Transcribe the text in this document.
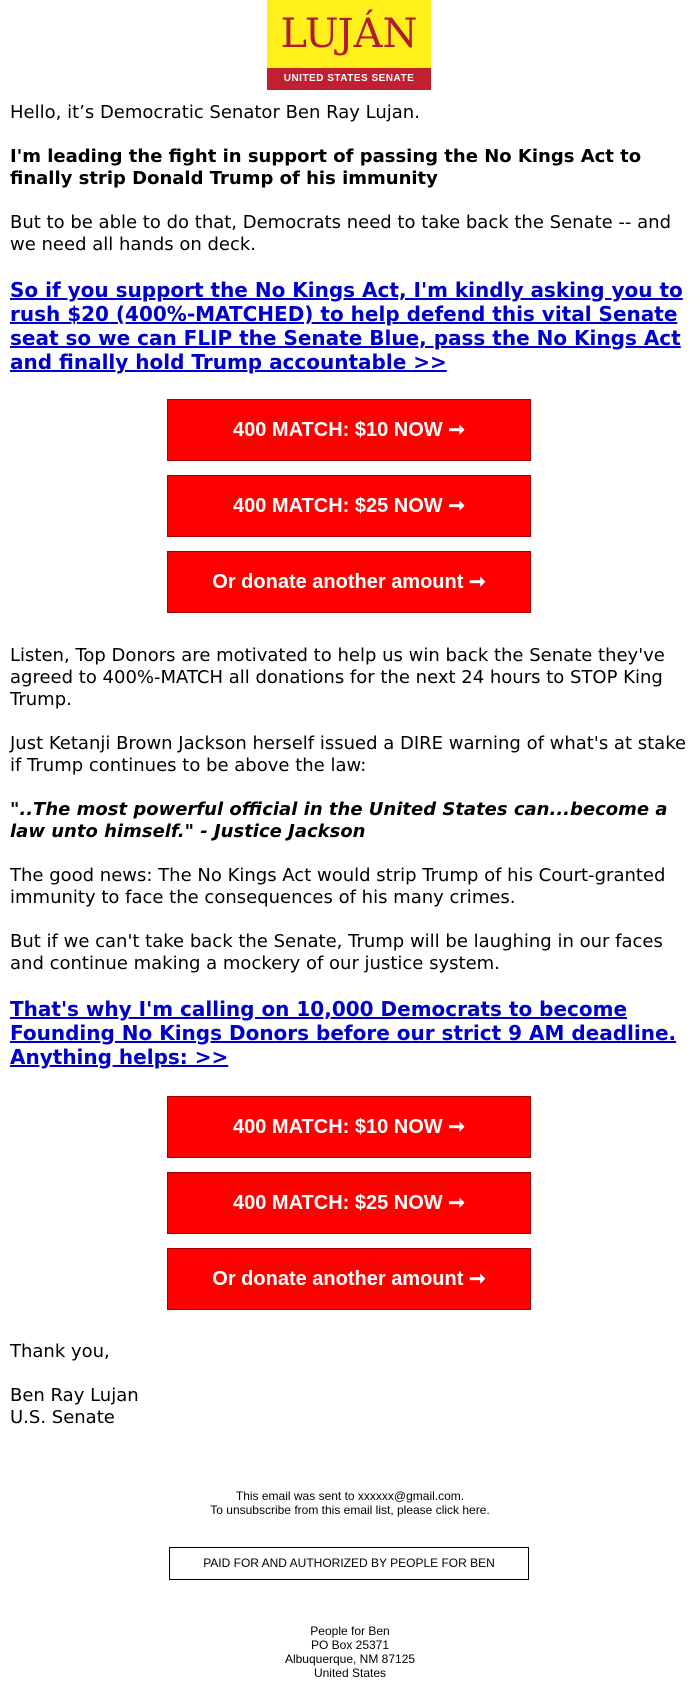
LUJÁN
UNITED STATES SENATE

Hello, it’s Democratic Senator Ben Ray Lujan.

I'm leading the fight in support of passing the No Kings Act to finally strip Donald Trump of his immunity

But to be able to do that, Democrats need to take back the Senate -- and we need all hands on deck.

So if you support the No Kings Act, I'm kindly asking you to rush $20 (400%-MATCHED) to help defend this vital Senate seat so we can FLIP the Senate Blue, pass the No Kings Act and finally hold Trump accountable >>
400 MATCH: $10 NOW ➞
400 MATCH: $25 NOW ➞
Or donate another amount ➞

Listen, Top Donors are motivated to help us win back the Senate they've agreed to 400%-MATCH all donations for the next 24 hours to STOP King Trump.

Just Ketanji Brown Jackson herself issued a DIRE warning of what's at stake if Trump continues to be above the law:

"..The most powerful official in the United States can...become a law unto himself." - Justice Jackson

The good news: The No Kings Act would strip Trump of his Court-granted immunity to face the consequences of his many crimes.

But if we can't take back the Senate, Trump will be laughing in our faces and continue making a mockery of our justice system.

That's why I'm calling on 10,000 Democrats to become Founding No Kings Donors before our strict 9 AM deadline. Anything helps: >>
400 MATCH: $10 NOW ➞
400 MATCH: $25 NOW ➞
Or donate another amount ➞

Thank you,

Ben Ray Lujan

U.S. Senate

This email was sent to xxxxxx@gmail.com.
To unsubscribe from this email list, please click here.
PAID FOR AND AUTHORIZED BY PEOPLE FOR BEN
People for Ben
PO Box 25371
Albuquerque, NM 87125
United States
